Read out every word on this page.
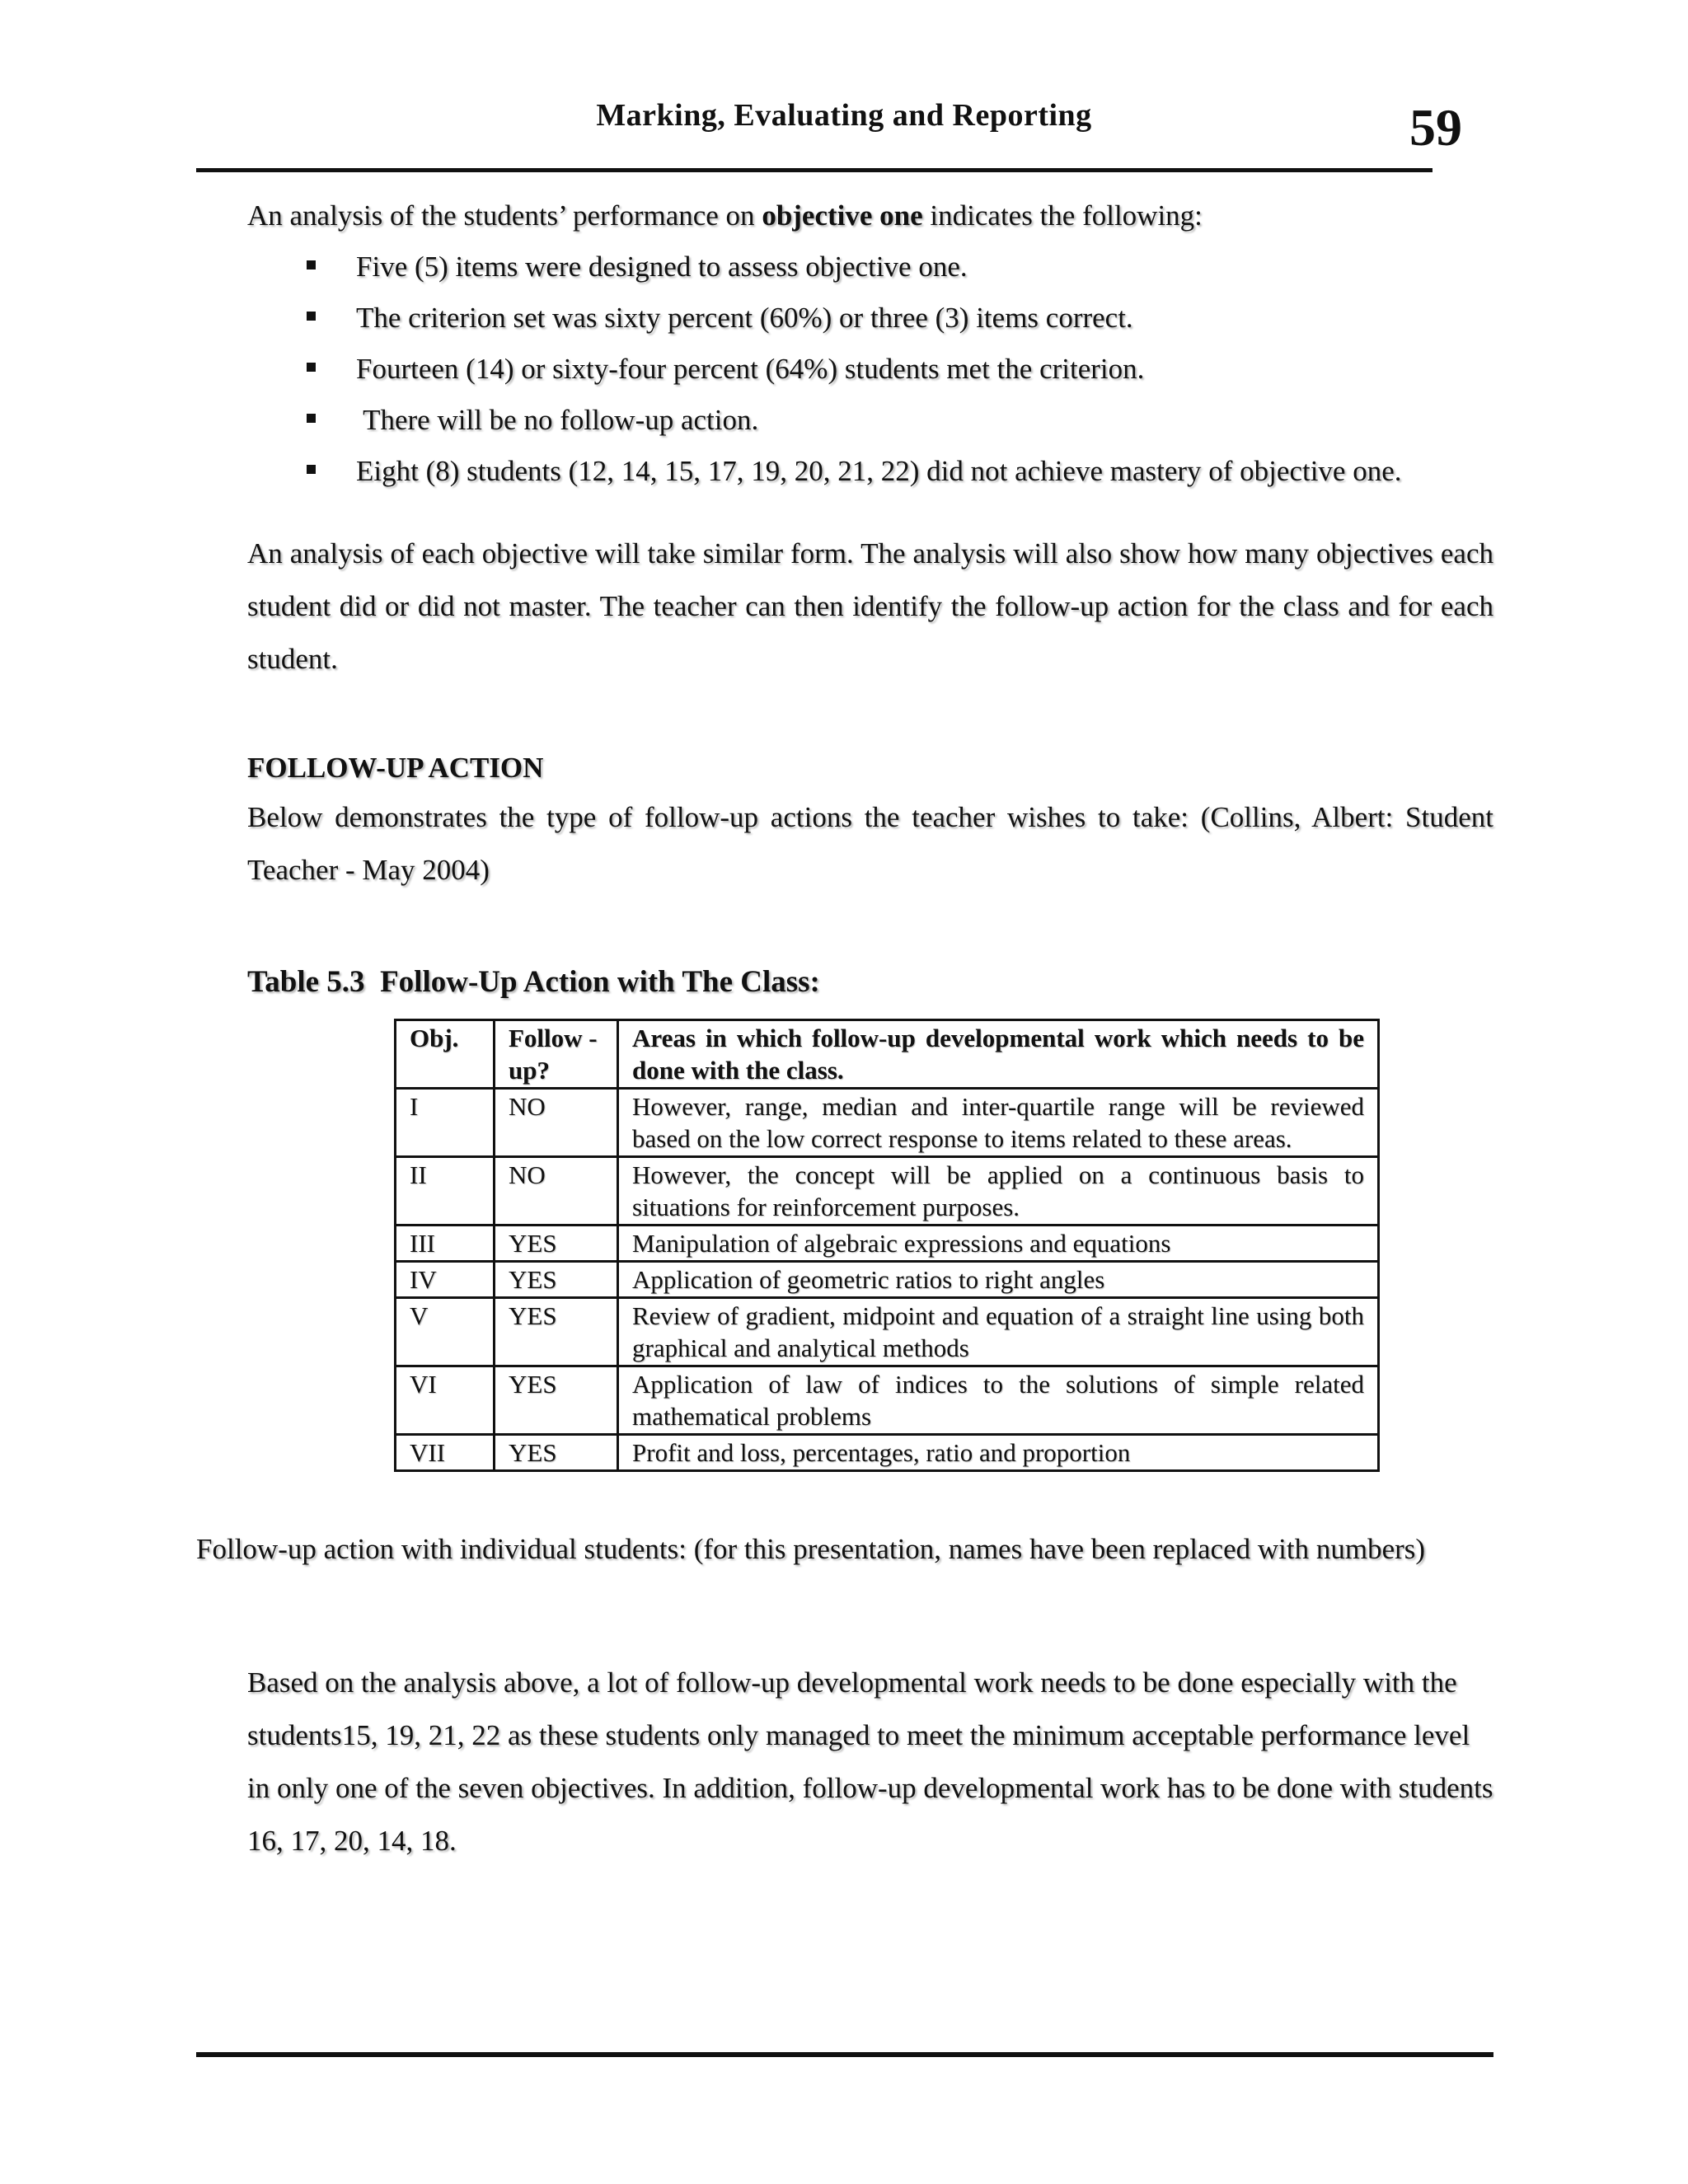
Marking, Evaluating and Reporting	59
An analysis of the students’ performance on objective one indicates the following:
Five (5) items were designed to assess objective one.
The criterion set was sixty percent (60%) or three (3) items correct.
Fourteen (14) or sixty-four percent (64%) students met the criterion.
There will be no follow-up action.
Eight (8) students (12, 14, 15, 17, 19, 20, 21, 22) did not achieve mastery of objective one.
An analysis of each objective will take similar form. The analysis will also show how many objectives each student did or did not master. The teacher can then identify the follow-up action for the class and for each student.
FOLLOW-UP ACTION
Below demonstrates the type of follow-up actions the teacher wishes to take: (Collins, Albert: Student Teacher - May 2004)
Table 5.3 Follow-Up Action with The Class:
Obj.	Follow - up?	Areas in which follow-up developmental work which needs to be done with the class.
I	NO	However, range, median and inter-quartile range will be reviewed based on the low correct response to items related to these areas.
II	NO	However, the concept will be applied on a continuous basis to situations for reinforcement purposes.
III	YES	Manipulation of algebraic expressions and equations
IV	YES	Application of geometric ratios to right angles
V	YES	Review of gradient, midpoint and equation of a straight line using both graphical and analytical methods
VI	YES	Application of law of indices to the solutions of simple related mathematical problems
VII	YES	Profit and loss, percentages, ratio and proportion
Follow-up action with individual students: (for this presentation, names have been replaced with numbers)
Based on the analysis above, a lot of follow-up developmental work needs to be done especially with the students15, 19, 21, 22 as these students only managed to meet the minimum acceptable performance level in only one of the seven objectives. In addition, follow-up developmental work has to be done with students 16, 17, 20, 14, 18.
